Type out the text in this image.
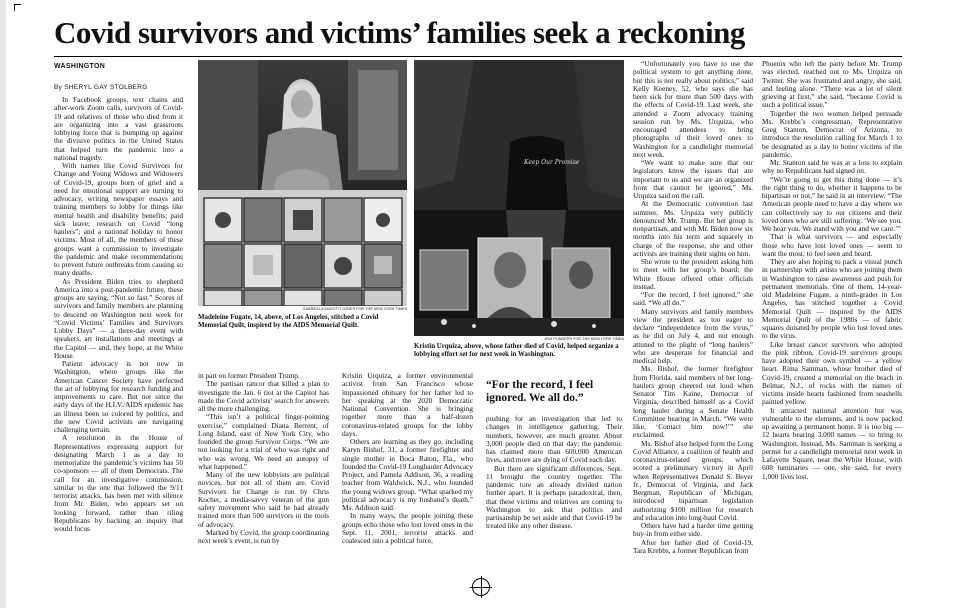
Covid survivors and victims’ families seek a reckoning
WASHINGTON
By SHERYL GAY STOLBERG

In Facebook groups, text chains and after-work Zoom calls, survivors of Covid-19 and relatives of those who died from it are organizing into a vast grassroots lobbying force that is bumping up against the divisive politics in the United States that helped turn the pandemic into a national tragedy.

With names like Covid Survivors for Change and Young Widows and Widowers of Covid-19, groups born of grief and a need for emotional support are turning to advocacy, writing newspaper essays and training members to lobby for things like mental health and disability benefits; paid sick leave; research on Covid “long haulers”; and a national holiday to honor victims. Most of all, the members of these groups want a commission to investigate the pandemic and make recommendations to prevent future outbreaks from causing so many deaths.

As President Biden tries to shepherd America into a post-pandemic future, these groups are saying, “Not so fast.” Scores of survivors and family members are planning to descend on Washington next week for “Covid Victims’ Families and Survivors Lobby Days” — a three-day event with speakers, art installations and meetings at the Capitol — and, they hope, at the White House.

Patient advocacy is not new in Washington, where groups like the American Cancer Society have perfected the art of lobbying for research funding and improvements to care. But not since the early days of the H.I.V./AIDS epidemic has an illness been so colored by politics, and the new Covid activists are navigating challenging terrain.

A resolution in the House of Representatives expressing support for designating March 1 as a day to memorialize the pandemic’s victims has 50 co-sponsors — all of them Democrats. The call for an investigative commission, similar to the one that followed the 9/11 terrorist attacks, has been met with silence from Mr. Biden, who appears set on looking forward, rather than riling Republicans by backing an inquiry that would focus

GABRIELLA ANGOTTI-JONES FOR THE NEW YORK TIMES
Madeleine Fugate, 14, above, of Los Angeles, stitched a Covid Memorial Quilt, inspired by the AIDS Memorial Quilt.
Keep Our Promise
ASH PONDERS FOR THE NEW YORK TIMES
Kristin Urquiza, above, whose father died of Covid, helped organize a lobbying effort set for next week in Washington.

in part on former President Trump.

The partisan rancor that killed a plan to investigate the Jan. 6 riot at the Capitol has made the Covid activists’ search for answers all the more challenging.

“This isn’t a political finger-pointing exercise,” complained Diana Berrent, of Long Island, east of New York City, who founded the group Survivor Corps. “We are not looking for a trial of who was right and who was wrong. We need an autopsy of what happened.”

Many of the new lobbyists are political novices, but not all of them are. Covid Survivors for Change is run by Chris Kocher, a media-savvy veteran of the gun safety movement who said he had already trained more than 500 survivors in the tools of advocacy.

Marked by Covid, the group coordinating next week’s event, is run by

Kristin Urquiza, a former environmental activist from San Francisco whose impassioned obituary for her father led to her speaking at the 2020 Democratic National Convention. She is bringing together more than a half-dozen coronavirus-related groups for the lobby days.

Others are learning as they go, including Karyn Bishof, 31, a former firefighter and single mother in Boca Raton, Fla., who founded the Covid-19 Longhauler Advocacy Project, and Pamela Addison, 36, a reading teacher from Waldwick, N.J., who founded the young widows group. “What sparked my political advocacy is my husband’s death,” Ms. Addison said.

In many ways, the people joining these groups echo those who lost loved ones in the Sept. 11, 2001, terrorist attacks and coalesced into a political force,

“For the record, I feel ignored. We all do.”

pushing for an investigation that led to changes in intelligence gathering. Their numbers, however, are much greater. About 3,000 people died on that day; the pandemic has claimed more than 600,000 American lives, and more are dying of Covid each day.

But there are significant differences. Sept. 11 brought the country together. The pandemic tore an already divided nation further apart. It is perhaps paradoxical, then, that these victims and relatives are coming to Washington to ask that politics and partisanship be set aside and that Covid-19 be treated like any other disease.

“Unfortunately you have to use the political system to get anything done, but this is not really about politics,” said Kelly Keeney, 52, who says she has been sick for more than 500 days with the effects of Covid-19. Last week, she attended a Zoom advocacy training session run by Ms. Urquiza, who encouraged attendees to bring photographs of their loved ones to Washington for a candlelight memorial next week.

“We want to make sure that our legislators know the issues that are important to us and we are an organized front that cannot be ignored,” Ms. Urquiza said on the call.

At the Democratic convention last summer, Ms. Urquiza very publicly denounced Mr. Trump. But her group is nonpartisan, and with Mr. Biden now six months into his term and squarely in charge of the response, she and other activists are training their sights on him.

She wrote to the president asking him to meet with her group’s board; the White House offered other officials instead.

“For the record, I feel ignored,” she said. “We all do.”

Many survivors and family members view the president as too eager to declare “independence from the virus,” as he did on July 4, and not enough attuned to the plight of “long haulers” who are desperate for financial and medical help.

Ms. Bishof, the former firefighter from Florida, said members of her long-haulers group cheered out loud when Senator Tim Kaine, Democrat of Virginia, described himself as a Covid long hauler during a Senate Health Committee hearing in March. “We were like, ‘Contact him now!’” she exclaimed.

Ms. Bishof also helped form the Long Covid Alliance, a coalition of health and coronavirus-related groups, which scored a preliminary victory in April when Representatives Donald S. Beyer Jr., Democrat of Virginia, and Jack Bergman, Republican of Michigan, introduced bipartisan legislation authorizing $100 million for research and education into long-haul Covid.

Others have had a harder time getting buy-in from either side.

After her father died of Covid-19, Tara Krebbs, a former Republican from

Phoenix who left the party before Mr. Trump was elected, reached out to Ms. Urquiza on Twitter. She was frustrated and angry, she said, and feeling alone. “There was a lot of silent grieving at first,” she said, “because Covid is such a political issue.”

Together the two women helped persuade Ms. Krebbs’s congressman, Representative Greg Stanton, Democrat of Arizona, to introduce the resolution calling for March 1 to be designated as a day to honor victims of the pandemic.

Mr. Stanton said he was at a loss to explain why no Republicans had signed on.

“We’re going to get this thing done — it’s the right thing to do, whether it happens to be bipartisan or not,” he said in an interview. “The American people need to have a day where we can collectively say to our citizens and their loved ones who are still suffering: ‘We see you. We hear you. We stand with you and we care.’”

That is what survivors — and especially those who have lost loved ones — seem to want the most: to feel seen and heard.

They are also hoping to pack a visual punch in partnership with artists who are joining them in Washington to raise awareness and push for permanent memorials. One of them, 14-year-old Madeleine Fugate, a ninth-grader in Los Angeles, has stitched together a Covid Memorial Quilt — inspired by the AIDS Memorial Quilt of the 1980s — of fabric squares donated by people who lost loved ones to the virus.

Like breast cancer survivors who adopted the pink ribbon, Covid-19 survivors groups have adopted their own symbol — a yellow heart. Rima Samman, whose brother died of Covid-19, created a memorial on the beach in Belmar, N.J., of rocks with the names of victims inside hearts fashioned from seashells painted yellow.

It attracted national attention but was vulnerable to the elements, and is now packed up awaiting a permanent home. It is too big — 12 hearts bearing 3,000 names — to bring to Washington. Instead, Ms. Samman is seeking a permit for a candlelight memorial next week in Lafayette Square, near the White House, with 608 luminaries — one, she said, for every 1,000 lives lost.
